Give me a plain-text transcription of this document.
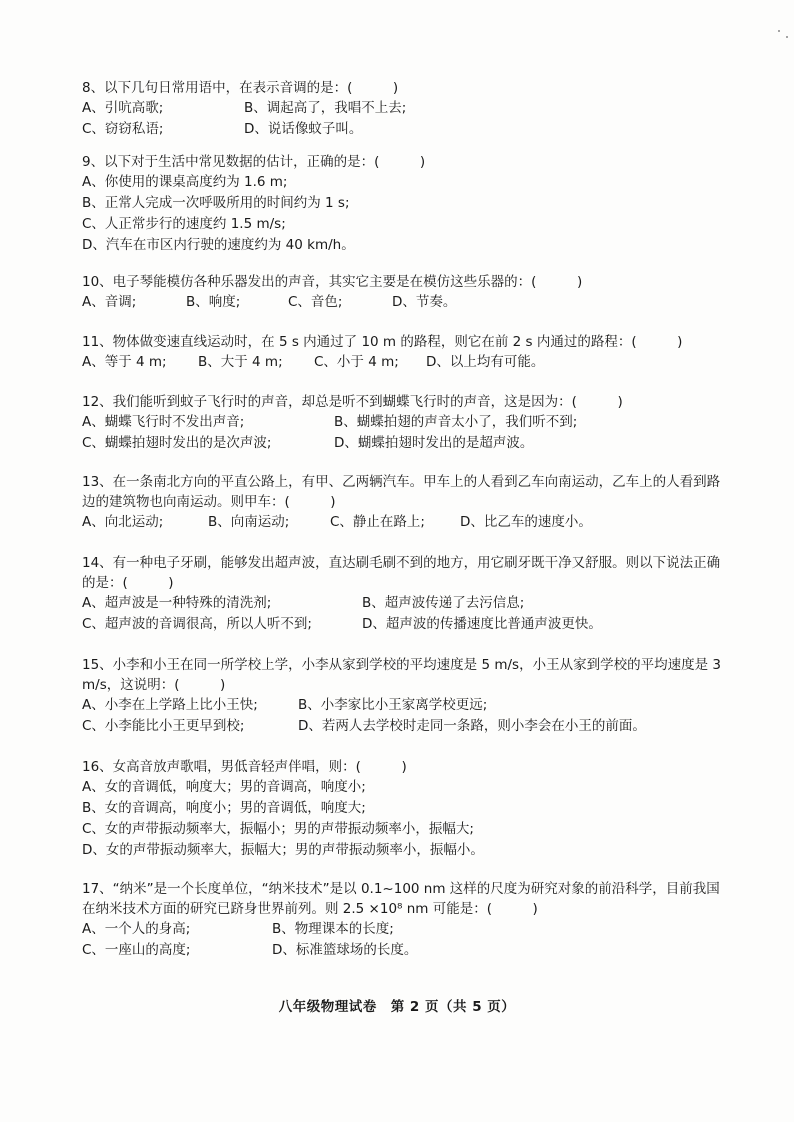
8、以下几句日常用语中，在表示音调的是：(　　　)
A、引吭高歌;	B、调起高了，我唱不上去;
C、窃窃私语;	D、说话像蚊子叫。
9、以下对于生活中常见数据的估计，正确的是：(　　　)
A、你使用的课桌高度约为 1.6 m;
B、正常人完成一次呼吸所用的时间约为 1 s;
C、人正常步行的速度约 1.5 m/s;
D、汽车在市区内行驶的速度约为 40 km/h。
10、电子琴能模仿各种乐器发出的声音，其实它主要是在模仿这些乐器的：(　　　)
A、音调;	B、响度;	C、音色;	D、节奏。
11、物体做变速直线运动时，在 5 s 内通过了 10 m 的路程，则它在前 2 s 内通过的路程：(　　　)
A、等于 4 m; B、大于 4 m; C、小于 4 m; D、以上均有可能。
12、我们能听到蚊子飞行时的声音，却总是听不到蝴蝶飞行时的声音，这是因为：(　　　)
A、蝴蝶飞行时不发出声音;	B、蝴蝶拍翅的声音太小了，我们听不到;
C、蝴蝶拍翅时发出的是次声波;	D、蝴蝶拍翅时发出的是超声波。
13、在一条南北方向的平直公路上，有甲、乙两辆汽车。甲车上的人看到乙车向南运动，乙车上的人看到路边的建筑物也向南运动。则甲车：(　　　)
A、向北运动;	B、向南运动;	C、静止在路上;	D、比乙车的速度小。
14、有一种电子牙刷，能够发出超声波，直达刷毛刷不到的地方，用它刷牙既干净又舒服。则以下说法正确的是：(　　　)
A、超声波是一种特殊的清洗剂;	B、超声波传递了去污信息;
C、超声波的音调很高，所以人听不到;	D、超声波的传播速度比普通声波更快。
15、小李和小王在同一所学校上学，小李从家到学校的平均速度是 5 m/s，小王从家到学校的平均速度是 3 m/s，这说明：(　　　)
A、小李在上学路上比小王快;	B、小李家比小王家离学校更远;
C、小李能比小王更早到校;	D、若两人去学校时走同一条路，则小李会在小王的前面。
16、女高音放声歌唱，男低音轻声伴唱，则：(　　　)
A、女的音调低，响度大；男的音调高，响度小;
B、女的音调高，响度小；男的音调低，响度大;
C、女的声带振动频率大，振幅小；男的声带振动频率小，振幅大;
D、女的声带振动频率大，振幅大；男的声带振动频率小，振幅小。
17、“纳米”是一个长度单位，“纳米技术”是以 0.1~100 nm 这样的尺度为研究对象的前沿科学，目前我国在纳米技术方面的研究已跻身世界前列。则 2.5 ×10⁸ nm 可能是：(　　　)
A、一个人的身高;	B、物理课本的长度;
C、一座山的高度;	D、标准篮球场的长度。
八年级物理试卷　第 2 页（共 5 页）
